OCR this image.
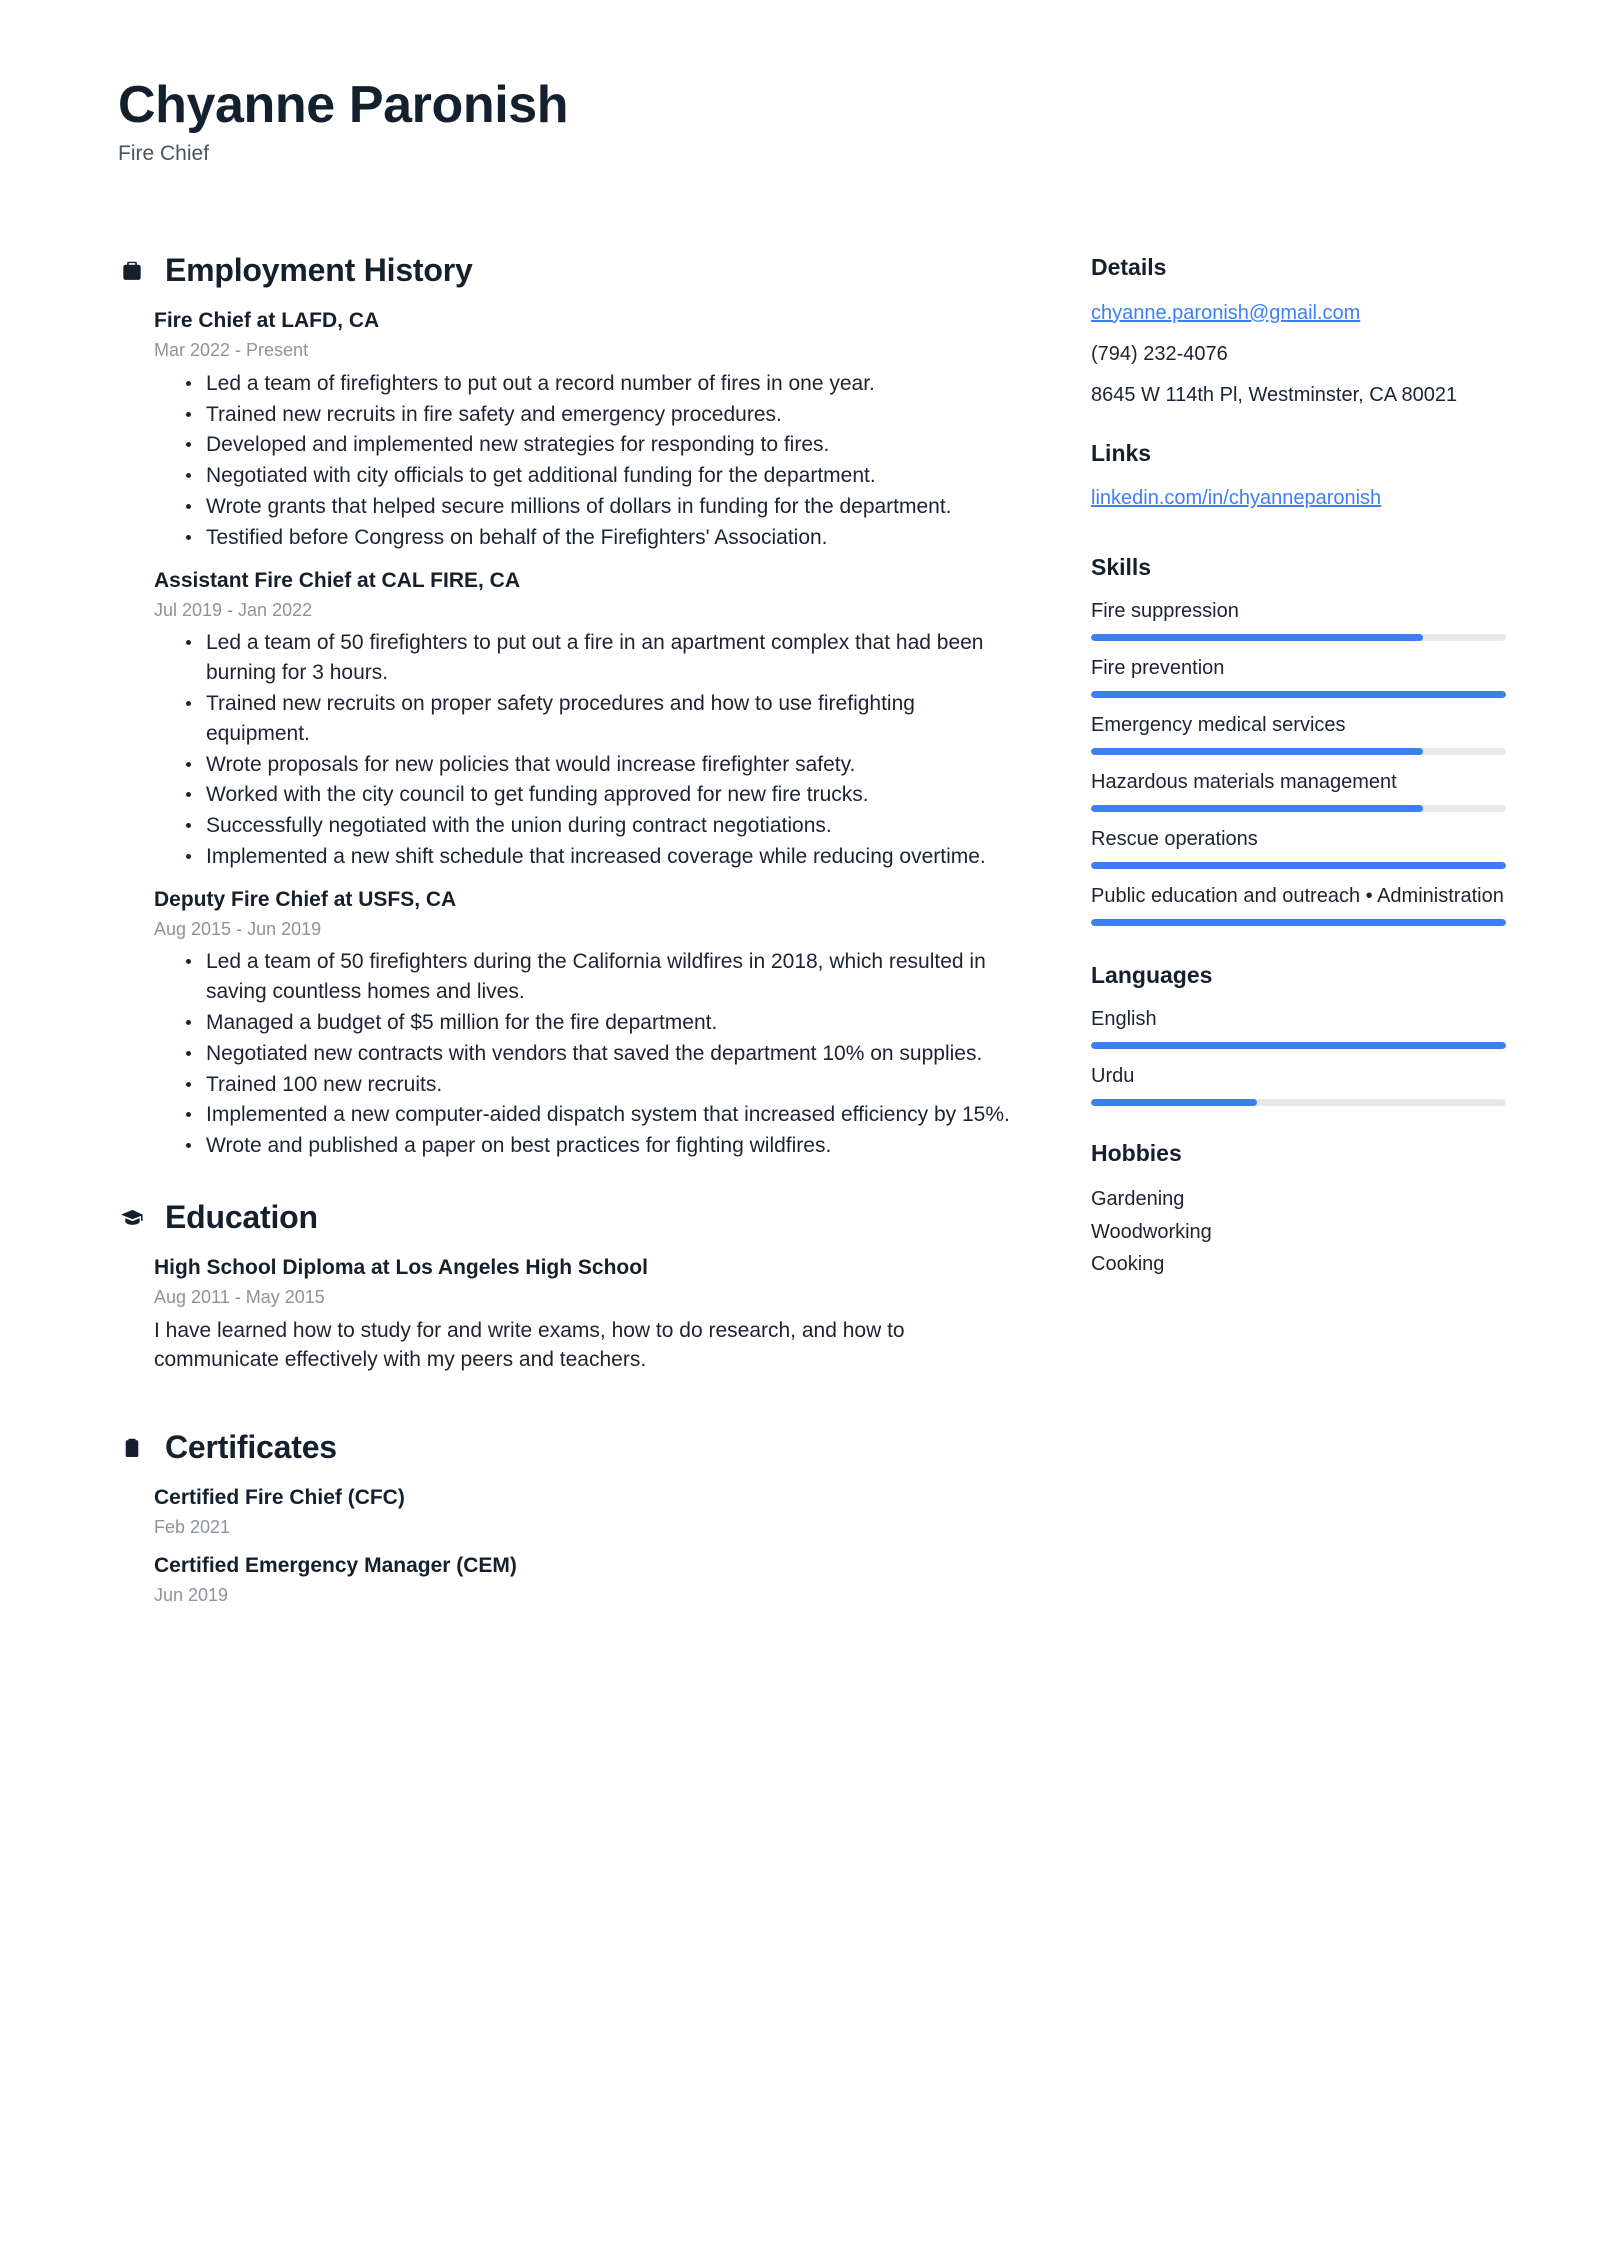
Chyanne Paronish

Fire Chief

Employment History

Fire Chief at LAFD, CA

Mar 2022 - Present

Led a team of firefighters to put out a record number of fires in one year.
Trained new recruits in fire safety and emergency procedures.
Developed and implemented new strategies for responding to fires.
Negotiated with city officials to get additional funding for the department.
Wrote grants that helped secure millions of dollars in funding for the department.
Testified before Congress on behalf of the Firefighters' Association.

Assistant Fire Chief at CAL FIRE, CA

Jul 2019 - Jan 2022

Led a team of 50 firefighters to put out a fire in an apartment complex that had been burning for 3 hours.
Trained new recruits on proper safety procedures and how to use firefighting equipment.
Wrote proposals for new policies that would increase firefighter safety.
Worked with the city council to get funding approved for new fire trucks.
Successfully negotiated with the union during contract negotiations.
Implemented a new shift schedule that increased coverage while reducing overtime.

Deputy Fire Chief at USFS, CA

Aug 2015 - Jun 2019

Led a team of 50 firefighters during the California wildfires in 2018, which resulted in saving countless homes and lives.
Managed a budget of $5 million for the fire department.
Negotiated new contracts with vendors that saved the department 10% on supplies.
Trained 100 new recruits.
Implemented a new computer-aided dispatch system that increased efficiency by 15%.
Wrote and published a paper on best practices for fighting wildfires.
Education

High School Diploma at Los Angeles High School

Aug 2011 - May 2015

I have learned how to study for and write exams, how to do research, and how to communicate effectively with my peers and teachers.

Certificates

Certified Fire Chief (CFC)

Feb 2021

Certified Emergency Manager (CEM)

Jun 2019

Details

chyanne.paronish@gmail.com

(794) 232-4076

8645 W 114th Pl, Westminster, CA 80021

Links

linkedin.com/in/chyanneparonish

Skills

Fire suppression

Fire prevention

Emergency medical services

Hazardous materials management

Rescue operations

Public education and outreach • Administration

Languages

English

Urdu

Hobbies

Gardening

Woodworking

Cooking
